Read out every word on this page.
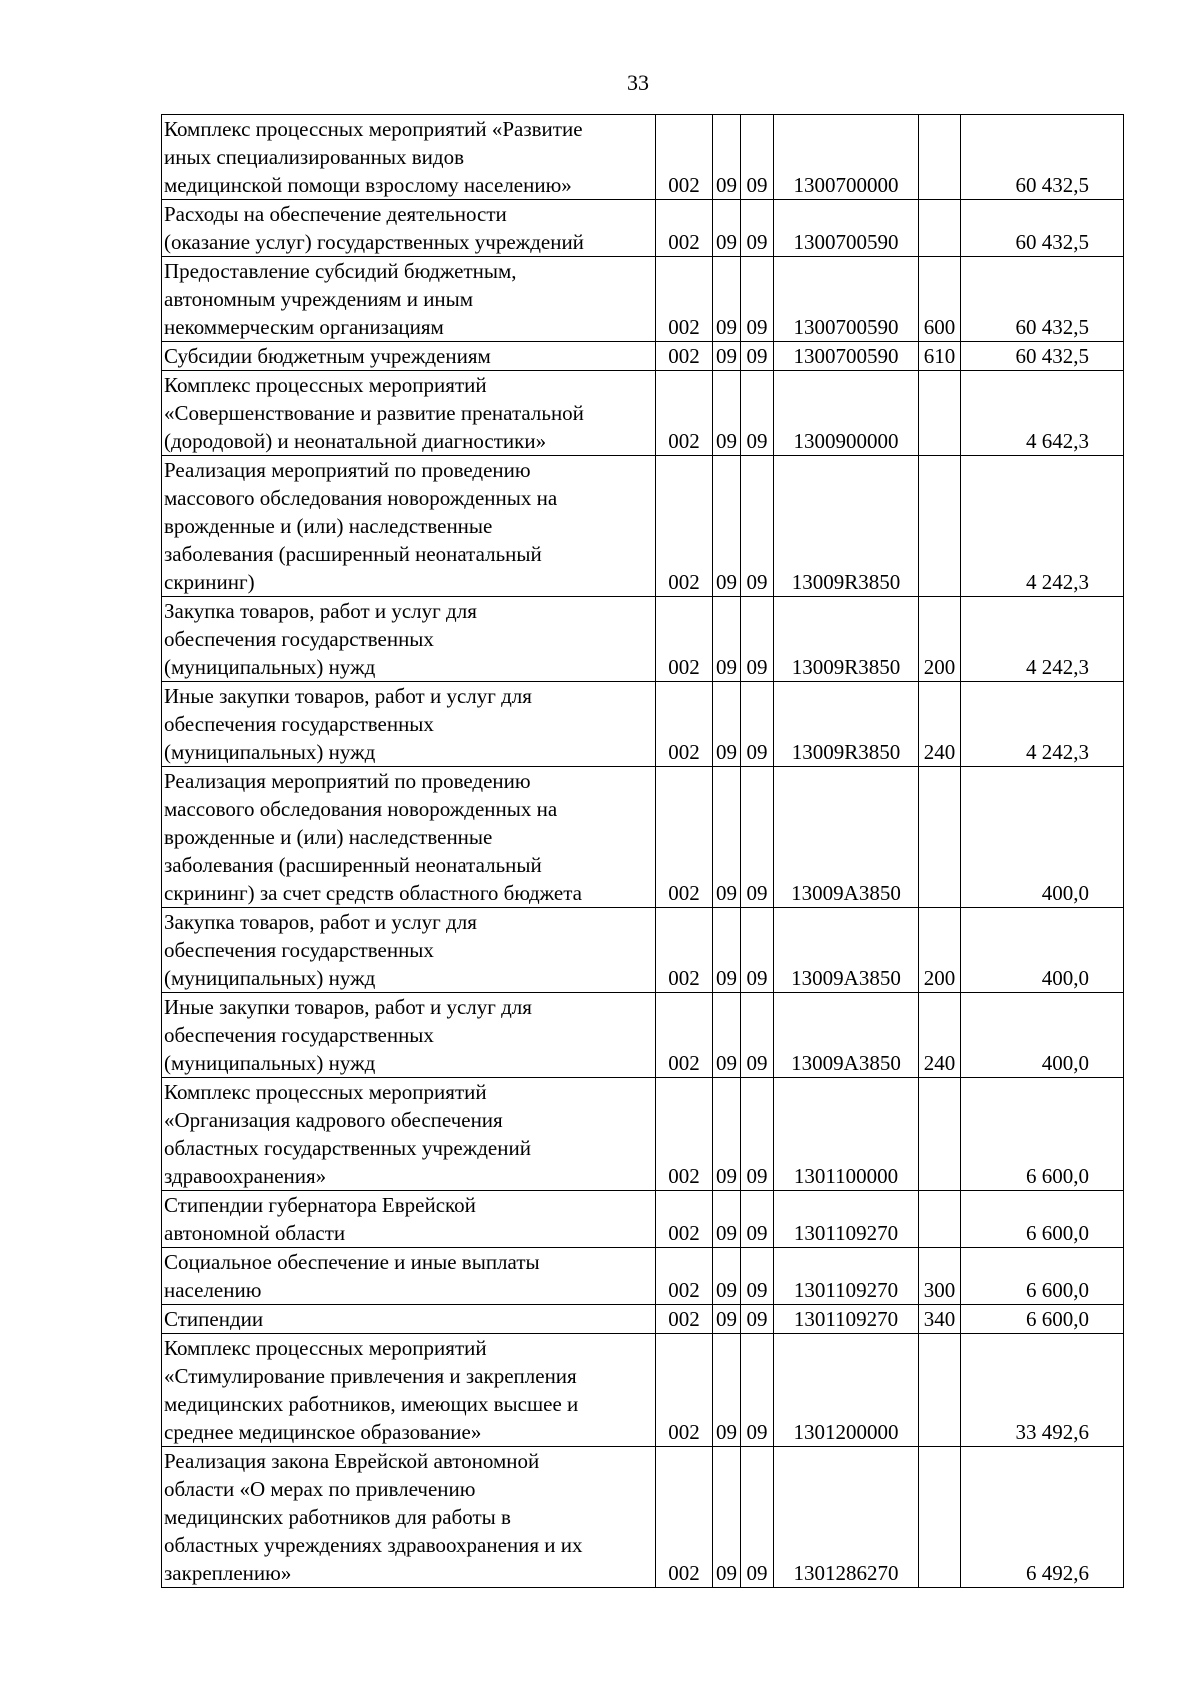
33
Комплекс процессных мероприятий «Развитие
иных специализированных видов
медицинской помощи взрослому населению»	002	09	09	1300700000		60 432,5
Расходы на обеспечение деятельности
(оказание услуг) государственных учреждений	002	09	09	1300700590		60 432,5
Предоставление субсидий бюджетным,
автономным учреждениям и иным
некоммерческим организациям	002	09	09	1300700590	600	60 432,5
Субсидии бюджетным учреждениям	002	09	09	1300700590	610	60 432,5
Комплекс процессных мероприятий
«Совершенствование и развитие пренатальной
(дородовой) и неонатальной диагностики»	002	09	09	1300900000		4 642,3
Реализация мероприятий по проведению
массового обследования новорожденных на
врожденные и (или) наследственные
заболевания (расширенный неонатальный
скрининг)	002	09	09	13009R3850		4 242,3
Закупка товаров, работ и услуг для
обеспечения государственных
(муниципальных) нужд	002	09	09	13009R3850	200	4 242,3
Иные закупки товаров, работ и услуг для
обеспечения государственных
(муниципальных) нужд	002	09	09	13009R3850	240	4 242,3
Реализация мероприятий по проведению
массового обследования новорожденных на
врожденные и (или) наследственные
заболевания (расширенный неонатальный
скрининг) за счет средств областного бюджета	002	09	09	13009A3850		400,0
Закупка товаров, работ и услуг для
обеспечения государственных
(муниципальных) нужд	002	09	09	13009A3850	200	400,0
Иные закупки товаров, работ и услуг для
обеспечения государственных
(муниципальных) нужд	002	09	09	13009A3850	240	400,0
Комплекс процессных мероприятий
«Организация кадрового обеспечения
областных государственных учреждений
здравоохранения»	002	09	09	1301100000		6 600,0
Стипендии губернатора Еврейской
автономной области	002	09	09	1301109270		6 600,0
Социальное обеспечение и иные выплаты
населению	002	09	09	1301109270	300	6 600,0
Стипендии	002	09	09	1301109270	340	6 600,0
Комплекс процессных мероприятий
«Стимулирование привлечения и закрепления
медицинских работников, имеющих высшее и
среднее медицинское образование»	002	09	09	1301200000		33 492,6
Реализация закона Еврейской автономной
области «О мерах по привлечению
медицинских работников для работы в
областных учреждениях здравоохранения и их
закреплению»	002	09	09	1301286270		6 492,6
